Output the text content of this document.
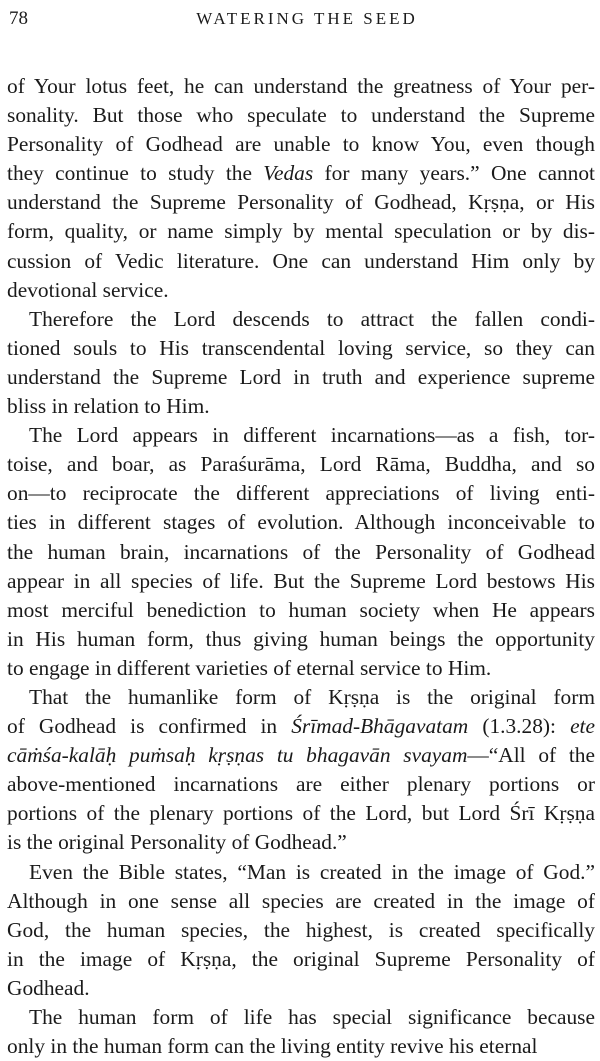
78	WATERING THE SEED
of Your lotus feet, he can understand the greatness of Your per-
sonality. But those who speculate to understand the Supreme
Personality of Godhead are unable to know You, even though
they continue to study the Vedas for many years.” One cannot
understand the Supreme Personality of Godhead, Kṛṣṇa, or His
form, quality, or name simply by mental speculation or by dis-
cussion of Vedic literature. One can understand Him only by
devotional service.
Therefore the Lord descends to attract the fallen condi-
tioned souls to His transcendental loving service, so they can
understand the Supreme Lord in truth and experience supreme
bliss in relation to Him.
The Lord appears in different incarnations—as a fish, tor-
toise, and boar, as Paraśurāma, Lord Rāma, Buddha, and so
on—to reciprocate the different appreciations of living enti-
ties in different stages of evolution. Although inconceivable to
the human brain, incarnations of the Personality of Godhead
appear in all species of life. But the Supreme Lord bestows His
most merciful benediction to human society when He appears
in His human form, thus giving human beings the opportunity
to engage in different varieties of eternal service to Him.
That the humanlike form of Kṛṣṇa is the original form
of Godhead is confirmed in Śrīmad-Bhāgavatam (1.3.28): ete
cāṁśa-kalāḥ puṁsaḥ kṛṣṇas tu bhagavān svayam—“All of the
above-mentioned incarnations are either plenary portions or
portions of the plenary portions of the Lord, but Lord Śrī Kṛṣṇa
is the original Personality of Godhead.”
Even the Bible states, “Man is created in the image of God.”
Although in one sense all species are created in the image of
God, the human species, the highest, is created specifically
in the image of Kṛṣṇa, the original Supreme Personality of
Godhead.
The human form of life has special significance because
only in the human form can the living entity revive his eternal
